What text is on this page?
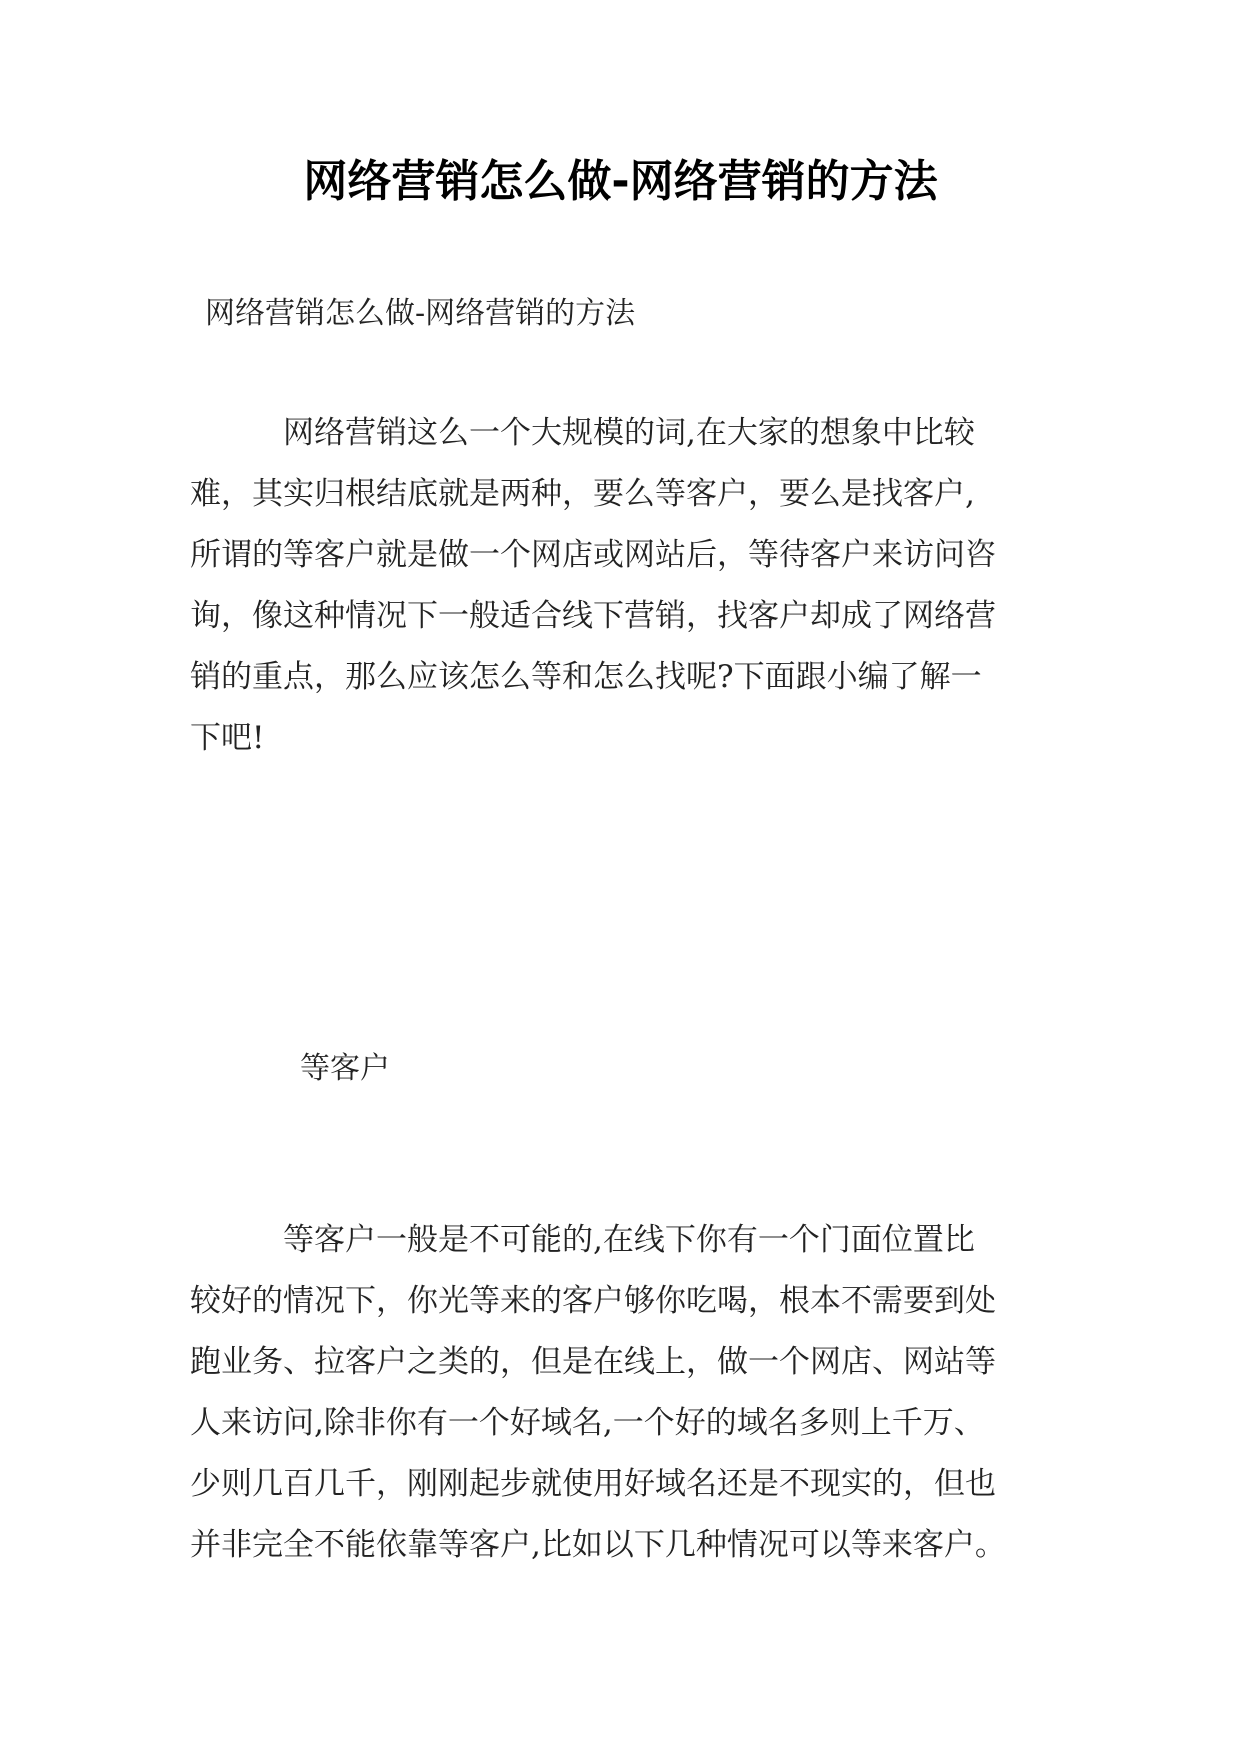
网络营销怎么做-网络营销的方法
网络营销怎么做-网络营销的方法
　　　网络营销这么一个大规模的词,在大家的想象中比较
难，其实归根结底就是两种，要么等客户，要么是找客户,
所谓的等客户就是做一个网店或网站后，等待客户来访问咨
询，像这种情况下一般适合线下营销，找客户却成了网络营
销的重点，那么应该怎么等和怎么找呢?下面跟小编了解一
下吧!
等客户
　　　等客户一般是不可能的,在线下你有一个门面位置比
较好的情况下，你光等来的客户够你吃喝，根本不需要到处
跑业务、拉客户之类的，但是在线上，做一个网店、网站等
人来访问,除非你有一个好域名,一个好的域名多则上千万、
少则几百几千，刚刚起步就使用好域名还是不现实的，但也
并非完全不能依靠等客户,比如以下几种情况可以等来客户。
